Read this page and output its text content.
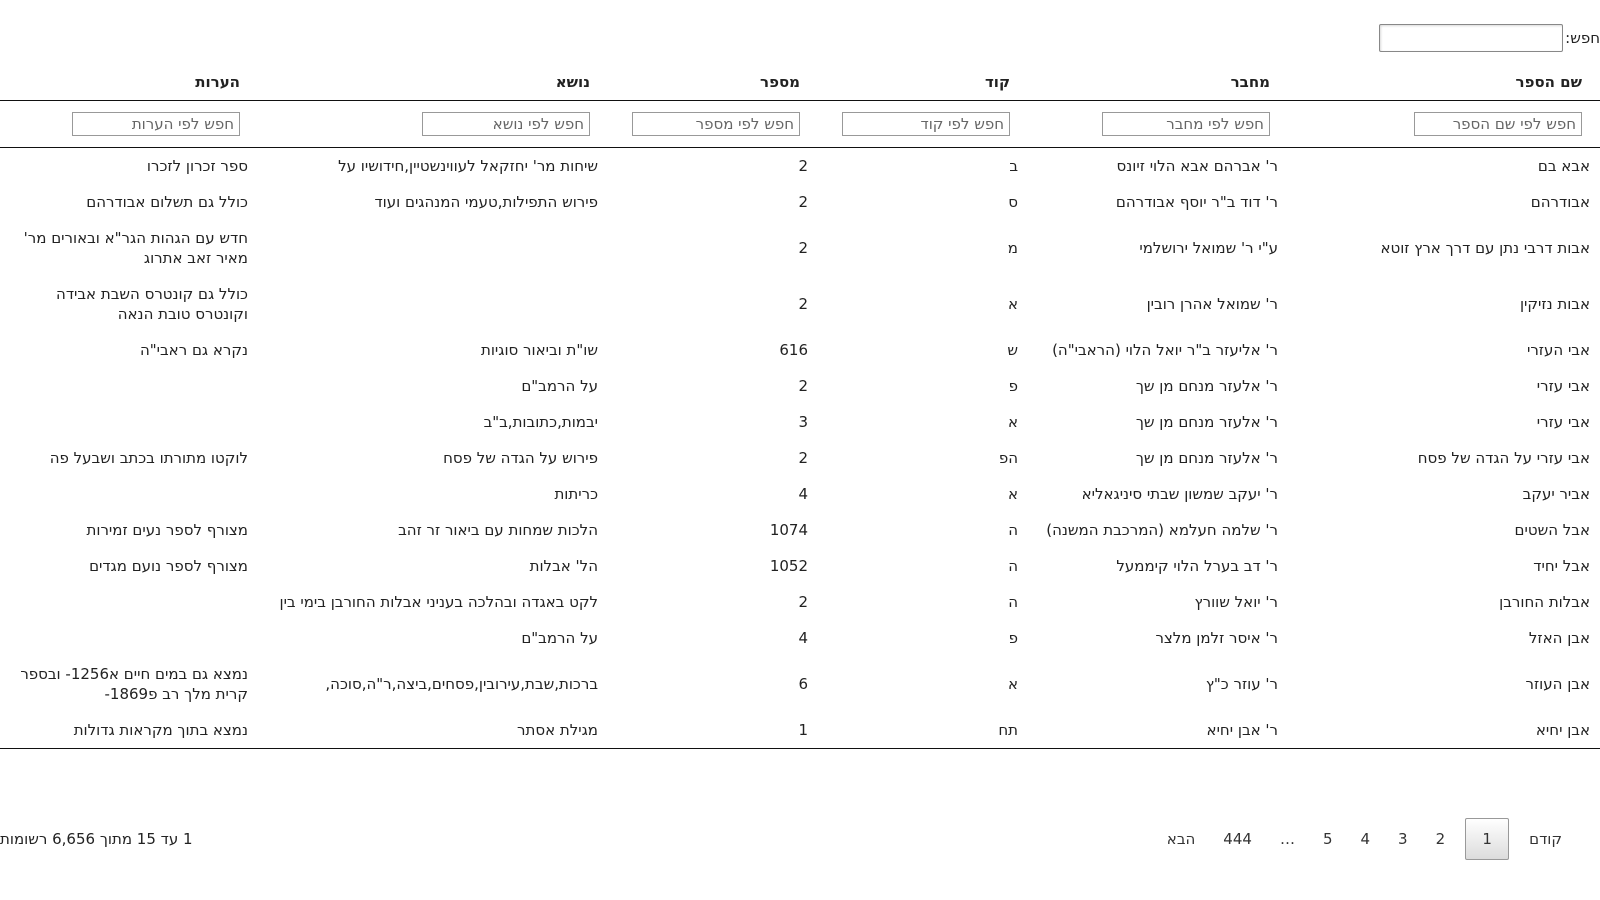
חפש:
שם הספר	מחבר	קוד	מספר	נושא	הערות
חפש לפי שם הספר	חפש לפי מחבר	חפש לפי קוד	חפש לפי מספר	חפש לפי נושא	חפש לפי הערות
אבא בם	ר' אברהם אבא הלוי זיונס	ב	2	שיחות מר' יחזקאל לעווינשטיין,חידושיו על	ספר זכרון לזכרו
אבודרהם	ר' דוד ב"ר יוסף אבודרהם	ס	2	פירוש התפילות,טעמי המנהגים ועוד	כולל גם תשלום אבודרהם
אבות דרבי נתן עם דרך ארץ זוטא	ע"י ר' שמואל ירושלמי	מ	2		חדש עם הגהות הגר"א ובאורים מר' מאיר זאב אתרוג
אבות נזיקין	ר' שמואל אהרן רובין	א	2		כולל גם קונטרס השבת אבידה וקונטרס טובת הנאה
אבי העזרי	ר' אליעזר ב"ר יואל הלוי (הראבי"ה)	ש	616	שו"ת וביאור סוגיות	נקרא גם ראבי"ה
אבי עזרי	ר' אלעזר מנחם מן שך	פ	2	על הרמב"ם	
אבי עזרי	ר' אלעזר מנחם מן שך	א	3	יבמות,כתובות,ב"ב	
אבי עזרי על הגדה של פסח	ר' אלעזר מנחם מן שך	הפ	2	פירוש על הגדה של פסח	לוקטו מתורתו בכתב ושבעל פה
אביר יעקב	ר' יעקב שמשון שבתי סיניגאליא	א	4	כריתות	
אבל השטים	ר' שלמה חעלמא (המרכבת המשנה)	ה	1074	הלכות שמחות עם ביאור זר זהב	מצורף לספר נעים זמירות
אבל יחיד	ר' דב בערל הלוי קיממעל	ה	1052	הל' אבלות	מצורף לספר נועם מגדים
אבלות החורבן	ר' יואל שוורץ	ה	2	לקט באגדה ובהלכה בעניני אבלות החורבן בימי בין	
אבן האזל	ר' איסר זלמן מלצר	פ	4	על הרמב"ם	
אבן העוזר	ר' עוזר כ"ץ	א	6	ברכות,שבת,עירובין,פסחים,ביצה,ר"ה,סוכה,	נמצא גם במים חיים א1256- ובספר קרית מלך רב פ1869-
אבן יחיא	ר' אבן יחיא	תח	1	מגילת אסתר	נמצא בתוך מקראות גדולות
קודם
1
2
3
4
5
…
444
הבא
1 עד 15 מתוך 6,656 רשומות
